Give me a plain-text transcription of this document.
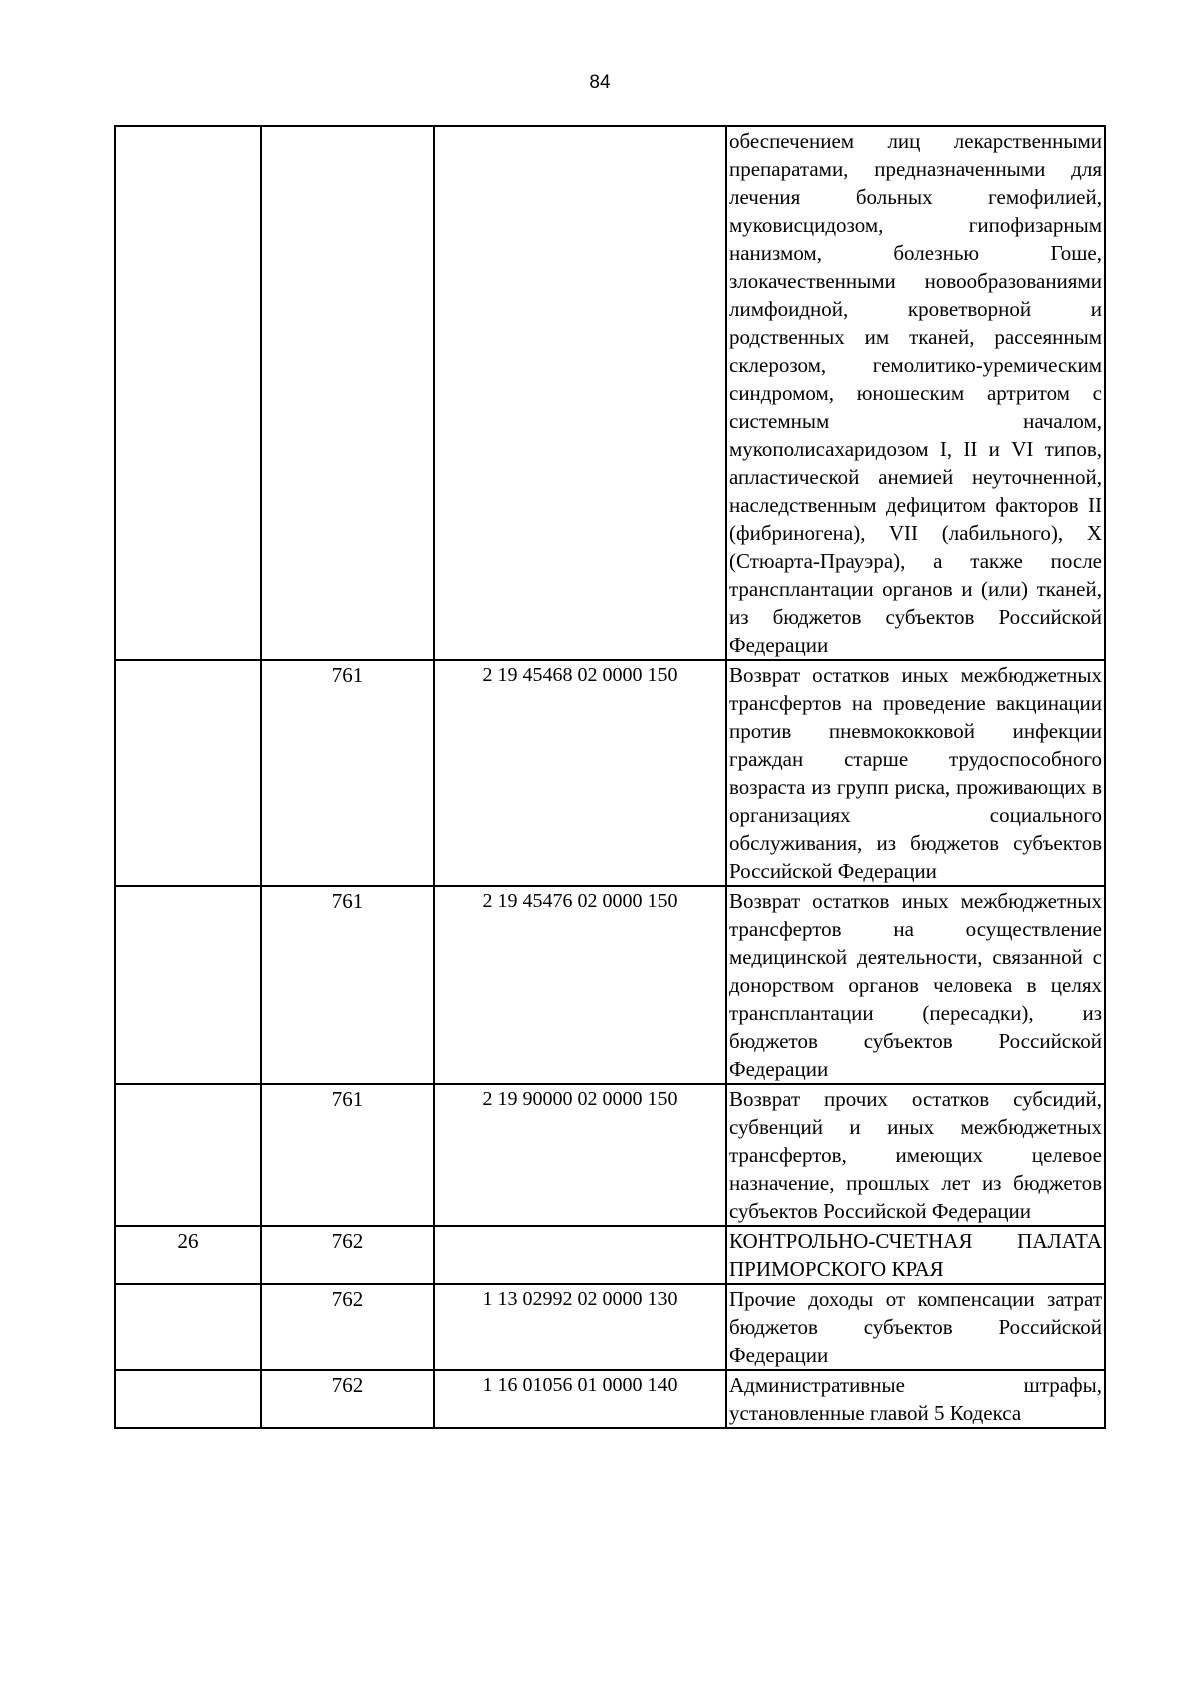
84
			обеспечением лиц лекарственными препаратами, предназначенными для лечения больных гемофилией, муковисцидозом, гипофизарным нанизмом, болезнью Гоше, злокачественными новообразованиями лимфоидной, кроветворной и родственных им тканей, рассеянным склерозом, гемолитико-уремическим синдромом, юношеским артритом с системным началом, мукополисахаридозом I, II и VI типов, апластической анемией неуточненной, наследственным дефицитом факторов II (фибриногена), VII (лабильного), X (Стюарта-Прауэра), а также после трансплантации органов и (или) тканей, из бюджетов субъектов Российской Федерации
	761	2 19 45468 02 0000 150	Возврат остатков иных межбюджетных трансфертов на проведение вакцинации против пневмококковой инфекции граждан старше трудоспособного возраста из групп риска, проживающих в организациях социального обслуживания, из бюджетов субъектов Российской Федерации
	761	2 19 45476 02 0000 150	Возврат остатков иных межбюджетных трансфертов на осуществление медицинской деятельности, связанной с донорством органов человека в целях трансплантации (пересадки), из бюджетов субъектов Российской Федерации
	761	2 19 90000 02 0000 150	Возврат прочих остатков субсидий, субвенций и иных межбюджетных трансфертов, имеющих целевое назначение, прошлых лет из бюджетов субъектов Российской Федерации
26	762		КОНТРОЛЬНО-СЧЕТНАЯ ПАЛАТА ПРИМОРСКОГО КРАЯ
	762	1 13 02992 02 0000 130	Прочие доходы от компенсации затрат бюджетов субъектов Российской Федерации
	762	1 16 01056 01 0000 140	Административные штрафы, установленные главой 5 Кодекса
